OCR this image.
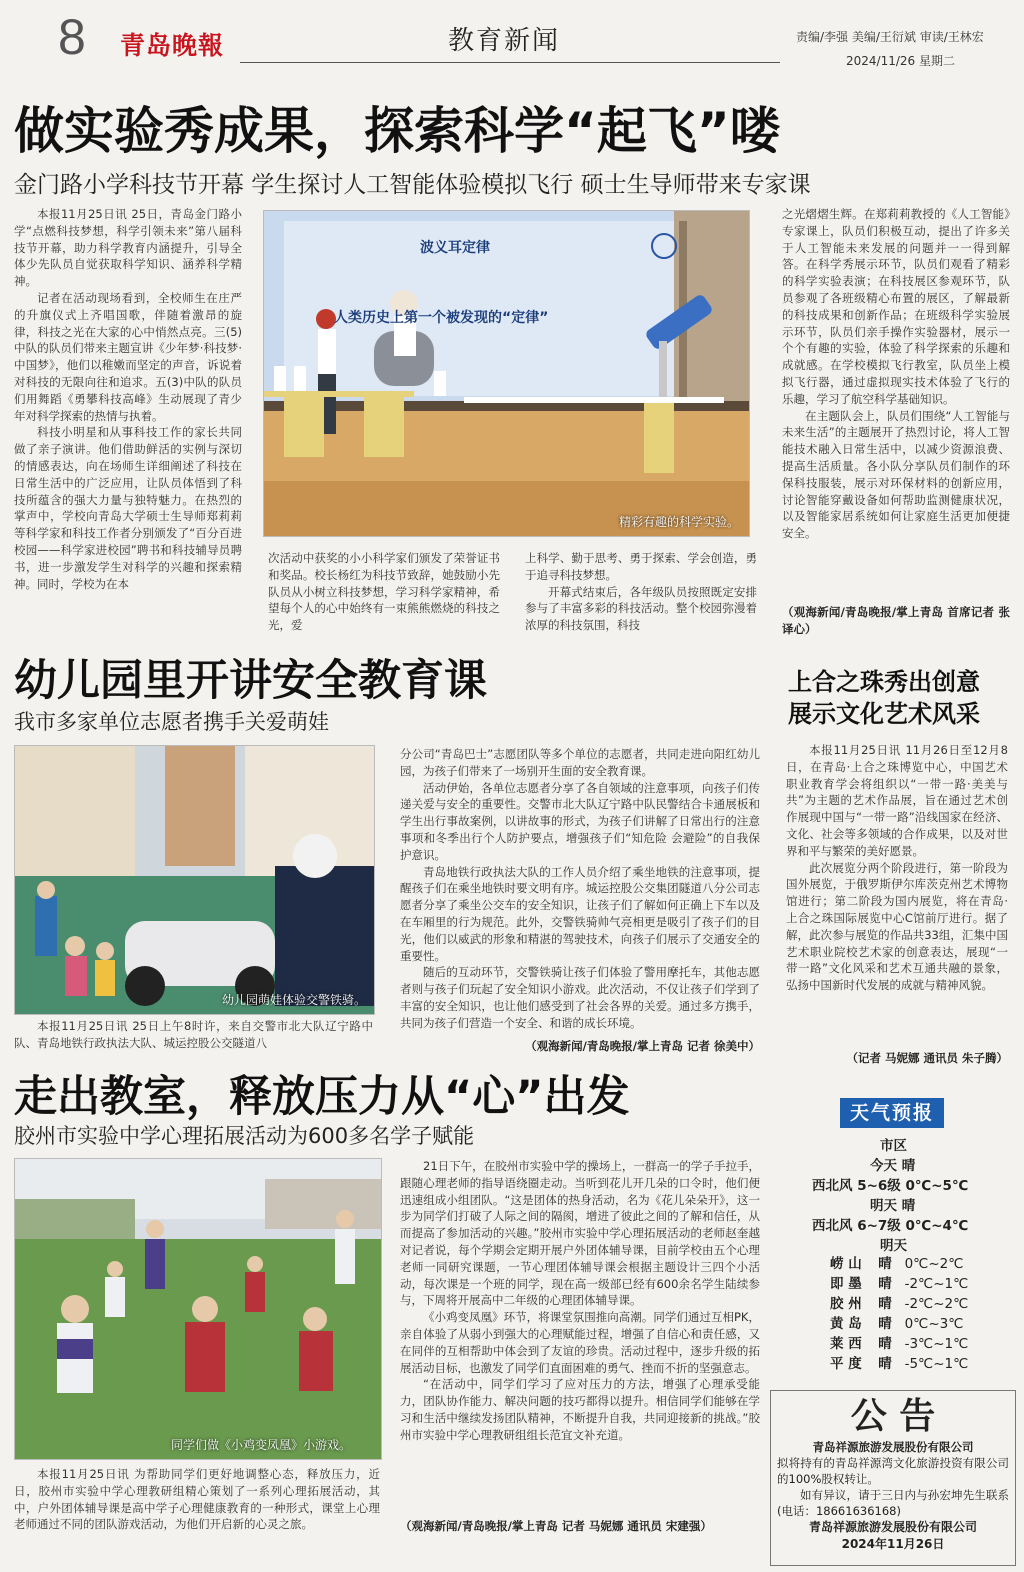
8 青岛晚報	教育新闻	责编/李强 美编/王衍斌 审读/王林宏
2024/11/26 星期二
做实验秀成果，探索科学“起飞”喽
金门路小学科技节开幕 学生探讨人工智能体验模拟飞行 硕士生导师带来专家课

本报11月25日讯 25日，青岛金门路小学“点燃科技梦想，科学引领未来”第八届科技节开幕，助力科学教育内涵提升，引导全体少先队员自觉获取科学知识、涵养科学精神。

记者在活动现场看到，全校师生在庄严的升旗仪式上齐唱国歌，伴随着激昂的旋律，科技之光在大家的心中悄然点亮。三(5)中队的队员们带来主题宣讲《少年梦·科技梦·中国梦》，他们以稚嫩而坚定的声音，诉说着对科技的无限向往和追求。五(3)中队的队员们用舞蹈《勇攀科技高峰》生动展现了青少年对科学探索的热情与执着。

科技小明星和从事科技工作的家长共同做了亲子演讲。他们借助鲜活的实例与深切的情感表达，向在场师生详细阐述了科技在日常生活中的广泛应用，让队员体悟到了科技所蕴含的强大力量与独特魅力。在热烈的掌声中，学校向青岛大学硕士生导师郑莉莉等科学家和科技工作者分别颁发了“百分百进校园——科学家进校园”聘书和科技辅导员聘书，进一步激发学生对科学的兴趣和探索精神。同时，学校为在本

波义耳定律
人类历史上第一个被发现的“定律”
精彩有趣的科学实验。

次活动中获奖的小小科学家们颁发了荣誉证书和奖品。校长杨红为科技节致辞，她鼓励小先队员从小树立科技梦想，学习科学家精神，希望每个人的心中始终有一束熊熊燃烧的科技之光，爱

上科学、勤于思考、勇于探索、学会创造，勇于追寻科技梦想。

开幕式结束后，各年级队员按照既定安排参与了丰富多彩的科技活动。整个校园弥漫着浓厚的科技氛围，科技

之光熠熠生辉。在郑莉莉教授的《人工智能》专家课上，队员们积极互动，提出了许多关于人工智能未来发展的问题并一一得到解答。在科学秀展示环节，队员们观看了精彩的科学实验表演；在科技展区参观环节，队员参观了各班级精心布置的展区，了解最新的科技成果和创新作品；在班级科学实验展示环节，队员们亲手操作实验器材，展示一个个有趣的实验，体验了科学探索的乐趣和成就感。在学校模拟飞行教室，队员坐上模拟飞行器，通过虚拟现实技术体验了飞行的乐趣，学习了航空科学基础知识。

在主题队会上，队员们围绕“人工智能与未来生活”的主题展开了热烈讨论，将人工智能技术融入日常生活中，以减少资源浪费、提高生活质量。各小队分享队员们制作的环保科技服装，展示对环保材料的创新应用，讨论智能穿戴设备如何帮助监测健康状况，以及智能家居系统如何让家庭生活更加便捷安全。

（观海新闻/青岛晚报/掌上青岛 首席记者 张译心）
幼儿园里开讲安全教育课
我市多家单位志愿者携手关爱萌娃
幼儿园萌娃体验交警铁骑。

本报11月25日讯 25日上午8时许，来自交警市北大队辽宁路中队、青岛地铁行政执法大队、城运控股公交隧道八

分公司“青岛巴士”志愿团队等多个单位的志愿者，共同走进向阳红幼儿园，为孩子们带来了一场别开生面的安全教育课。

活动伊始，各单位志愿者分享了各自领域的注意事项，向孩子们传递关爱与安全的重要性。交警市北大队辽宁路中队民警结合卡通展板和学生出行事故案例，以讲故事的形式，为孩子们讲解了日常出行的注意事项和冬季出行个人防护要点，增强孩子们“知危险 会避险”的自我保护意识。

青岛地铁行政执法大队的工作人员介绍了乘坐地铁的注意事项，提醒孩子们在乘坐地铁时要文明有序。城运控股公交集团隧道八分公司志愿者分享了乘坐公交车的安全知识，让孩子们了解如何正确上下车以及在车厢里的行为规范。此外，交警铁骑帅气亮相更是吸引了孩子们的目光，他们以威武的形象和精湛的驾驶技术，向孩子们展示了交通安全的重要性。

随后的互动环节，交警铁骑让孩子们体验了警用摩托车，其他志愿者则与孩子们玩起了安全知识小游戏。此次活动，不仅让孩子们学到了丰富的安全知识，也让他们感受到了社会各界的关爱。通过多方携手，共同为孩子们营造一个安全、和谐的成长环境。

（观海新闻/青岛晚报/掌上青岛 记者 徐美中）
上合之珠秀出创意
展示文化艺术风采

本报11月25日讯 11月26日至12月8日，在青岛·上合之珠博览中心，中国艺术职业教育学会将组织以“一带一路·美美与共”为主题的艺术作品展，旨在通过艺术创作展现中国与“一带一路”沿线国家在经济、文化、社会等多领域的合作成果，以及对世界和平与繁荣的美好愿景。

此次展览分两个阶段进行，第一阶段为国外展览，于俄罗斯伊尔库茨克州艺术博物馆进行；第二阶段为国内展览，将在青岛·上合之珠国际展览中心C馆前厅进行。据了解，此次参与展览的作品共33组，汇集中国艺术职业院校艺术家的创意表达，展现“一带一路”文化风采和艺术互通共融的景象，弘扬中国新时代发展的成就与精神风貌。

（记者 马妮娜 通讯员 朱子腾）
走出教室，释放压力从“心”出发
胶州市实验中学心理拓展活动为600多名学子赋能
同学们做《小鸡变凤凰》小游戏。

本报11月25日讯 为帮助同学们更好地调整心态，释放压力，近日，胶州市实验中学心理教研组精心策划了一系列心理拓展活动，其中，户外团体辅导课是高中学子心理健康教育的一种形式，课堂上心理老师通过不同的团队游戏活动，为他们开启新的心灵之旅。

21日下午，在胶州市实验中学的操场上，一群高一的学子手拉手，跟随心理老师的指导语绕圈走动。当听到花儿开几朵的口令时，他们便迅速组成小组团队。“这是团体的热身活动，名为《花儿朵朵开》，这一步为同学们打破了人际之间的隔阂，增进了彼此之间的了解和信任，从而提高了参加活动的兴趣。”胶州市实验中学心理拓展活动的老师赵奎越对记者说，每个学期会定期开展户外团体辅导课，目前学校由五个心理老师一同研究课题，一节心理团体辅导课会根据主题设计三四个小活动，每次课是一个班的同学，现在高一级部已经有600余名学生陆续参与，下周将开展高中二年级的心理团体辅导课。

《小鸡变凤凰》环节，将课堂氛围推向高潮。同学们通过互相PK，亲自体验了从弱小到强大的心理赋能过程，增强了自信心和责任感，又在同伴的互相帮助中体会到了友谊的珍贵。活动过程中，逐步升级的拓展活动目标，也激发了同学们直面困难的勇气、挫而不折的坚强意志。

“在活动中，同学们学习了应对压力的方法，增强了心理承受能力，团队协作能力、解决问题的技巧都得以提升。相信同学们能够在学习和生活中继续发扬团队精神，不断提升自我，共同迎接新的挑战。”胶州市实验中学心理教研组组长范宜文补充道。

（观海新闻/青岛晚报/掌上青岛 记者 马妮娜 通讯员 宋建强）
天气预报
市区
今天 晴
西北风 5~6级 0℃~5℃
明天 晴
西北风 6~7级 0℃~4℃
明天
崂 山 晴 0℃~2℃
即 墨 晴 -2℃~1℃
胶 州 晴 -2℃~2℃
黄 岛 晴 0℃~3℃
莱 西 晴 -3℃~1℃
平 度 晴 -5℃~1℃
公 告
青岛祥源旅游发展股份有限公司
拟将持有的青岛祥源湾文化旅游投资有限公司的100%股权转让。
如有异议，请于三日内与孙宏坤先生联系(电话：18661636168)
青岛祥源旅游发展股份有限公司
2024年11月26日
